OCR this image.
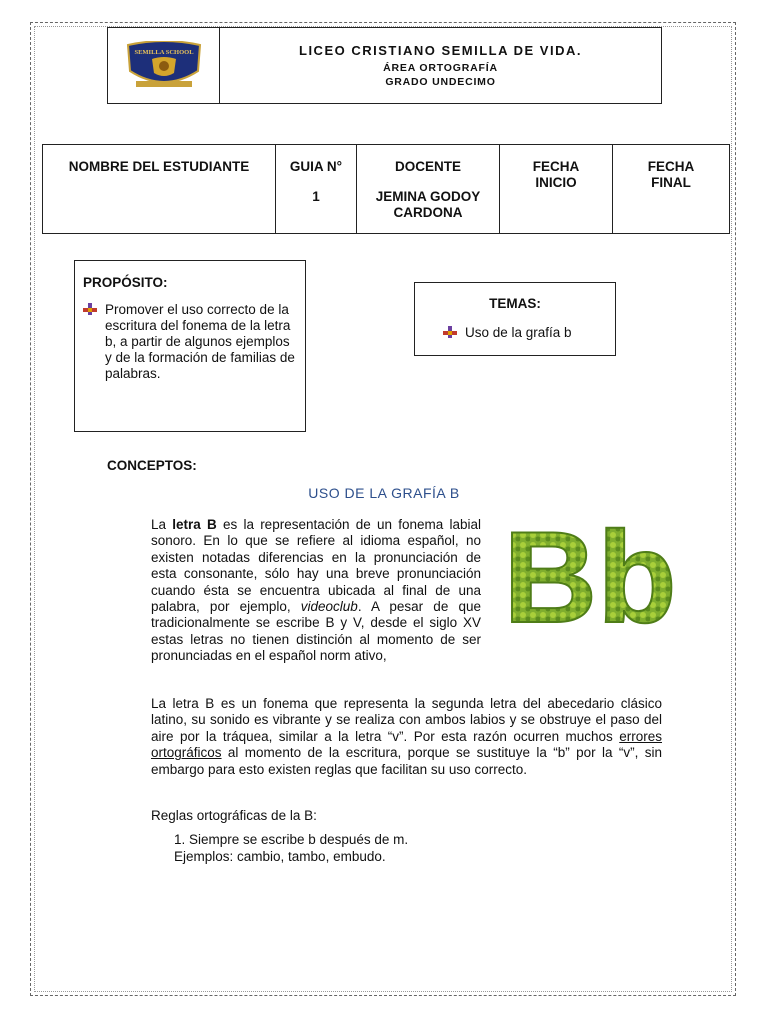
SEMILLA SCHOOL	LICEO CRISTIANO SEMILLA DE VIDA.
ÁREA ORTOGRAFÍA
GRADO UNDECIMO
NOMBRE DEL ESTUDIANTE	GUIA N°
1
DOCENTE
JEMINA GODOY CARDONA
FECHA INICIO
FECHA FINAL
PROPÓSITO:
Promover el uso correcto de la escritura del fonema de la letra b, a partir de algunos ejemplos y de la formación de familias de palabras.
TEMAS:
Uso de la grafía b
CONCEPTOS:
USO DE LA GRAFÍA B
La letra B es la representación de un fonema labial sonoro. En lo que se refiere al idioma español, no existen notadas diferencias en la pronunciación de esta consonante, sólo hay una breve pronunciación cuando ésta se encuentra ubicada al final de una palabra, por ejemplo, videoclub. A pesar de que tradicionalmente se escribe B y V, desde el siglo XV estas letras no tienen distinción al momento de ser pronunciadas en el español norm ativo,
Bb
La letra B es un fonema que representa la segunda letra del abecedario clásico latino, su sonido es vibrante y se realiza con ambos labios y se obstruye el paso del aire por la tráquea, similar a la letra “v”. Por esta razón ocurren muchos errores ortográficos al momento de la escritura, porque se sustituye la “b” por la “v”, sin embargo para esto existen reglas que facilitan su uso correcto.
Reglas ortográficas de la B:
1. Siempre se escribe b después de m.
Ejemplos: cambio, tambo, embudo.
